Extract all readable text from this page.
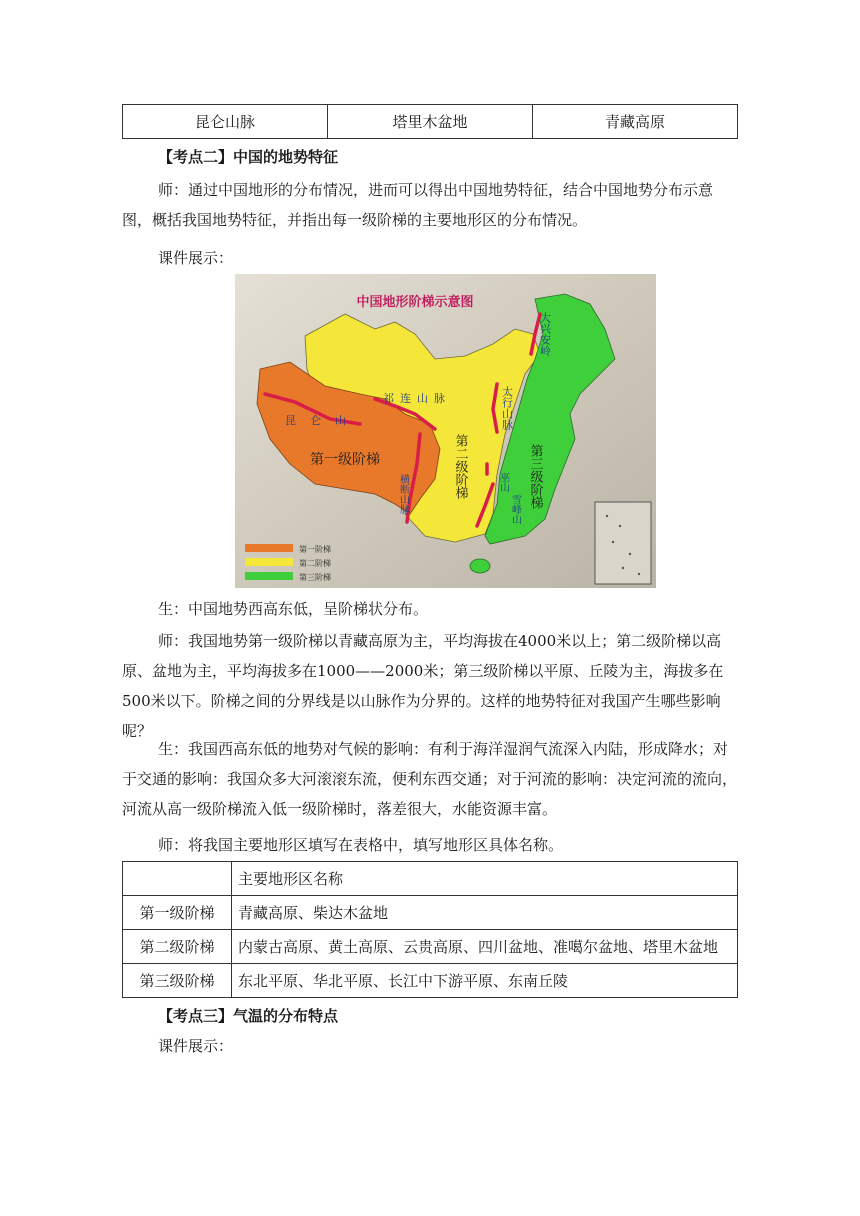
昆仑山脉	塔里木盆地	青藏高原
【考点二】中国的地势特征

师：通过中国地形的分布情况，进而可以得出中国地势特征，结合中国地势分布示意图，概括我国地势特征，并指出每一级阶梯的主要地形区的分布情况。

课件展示：
中国地形阶梯示意图
第一级阶梯	第二级阶梯	第三级阶梯
昆仑山
祁连山脉
横断山脉
大兴安岭
太行山脉
巫山
雪峰山
第一阶梯
第二阶梯
第三阶梯
生：中国地势西高东低，呈阶梯状分布。

师：我国地势第一级阶梯以青藏高原为主，平均海拔在4000米以上；第二级阶梯以高原、盆地为主，平均海拔多在1000——2000米；第三级阶梯以平原、丘陵为主，海拔多在500米以下。阶梯之间的分界线是以山脉作为分界的。这样的地势特征对我国产生哪些影响呢？

生：我国西高东低的地势对气候的影响：有利于海洋湿润气流深入内陆，形成降水；对于交通的影响：我国众多大河滚滚东流，便利东西交通；对于河流的影响：决定河流的流向，河流从高一级阶梯流入低一级阶梯时，落差很大，水能资源丰富。

师：将我国主要地形区填写在表格中，填写地形区具体名称。
	主要地形区名称
第一级阶梯	青藏高原、柴达木盆地
第二级阶梯	内蒙古高原、黄土高原、云贵高原、四川盆地、准噶尔盆地、塔里木盆地
第三级阶梯	东北平原、华北平原、长江中下游平原、东南丘陵
【考点三】气温的分布特点
课件展示：
